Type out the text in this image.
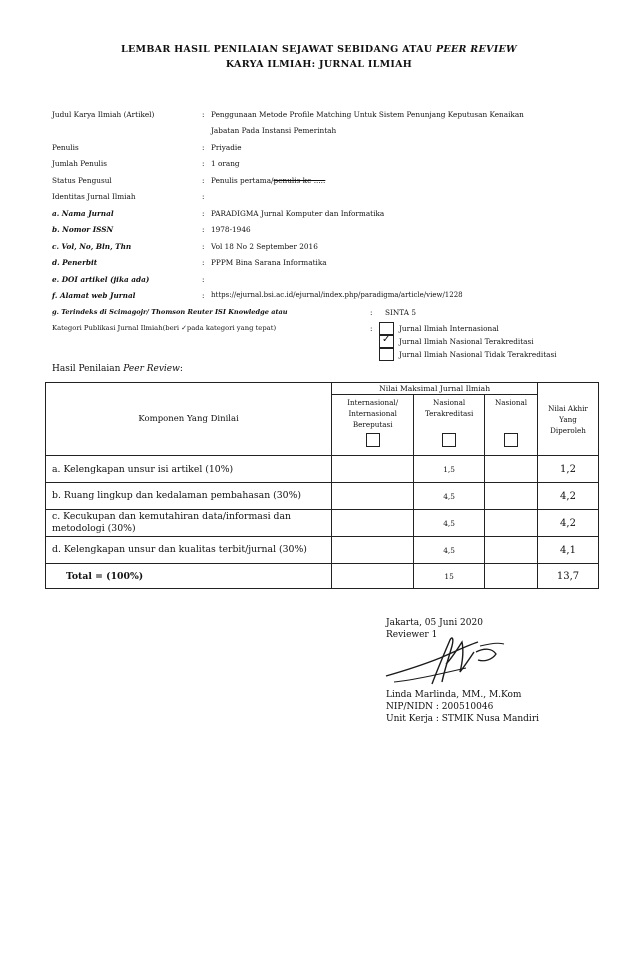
LEMBAR HASIL PENILAIAN SEJAWAT SEBIDANG ATAU PEER REVIEW
KARYA ILMIAH: JURNAL ILMIAH
Judul Karya Ilmiah (Artikel)	: Penggunaan Metode Profile Matching Untuk Sistem Penunjang Keputusan Kenaikan
Jabatan Pada Instansi Pemerintah
Penulis	: Priyadie
Jumlah Penulis	: 1 orang
Status Pengusul	: Penulis pertama/penulis ke .....
Identitas Jurnal Ilmiah	:
a. Nama Jurnal	: PARADIGMA Jurnal Komputer dan Informatika
b. Nomor ISSN	: 1978-1946
c. Vol, No, Bln, Thn	: Vol 18 No 2 September 2016
d. Penerbit	: PPPM Bina Sarana Informatika
e. DOI artikel (jika ada)	:
f. Alamat web Jurnal	: https://ejurnal.bsi.ac.id/ejurnal/index.php/paradigma/article/view/1228
g. Terindeks di Scimagojr/ Thomson Reuter ISI Knowledge atau	: SINTA 5
Kategori Publikasi Jurnal Ilmiah(beri ✓pada kategori yang tepat)	:	Jurnal Ilmiah Internasional
✓ Jurnal Ilmiah Nasional Terakreditasi
Jurnal Ilmiah Nasional Tidak Terakreditasi
Hasil Penilaian Peer Review:
Komponen Yang Dinilai	Nilai Maksimal Jurnal Ilmiah			Nilai Akhir Yang Diperoleh

	Internasional/ Internasional Bereputasi	Nasional Terakreditasi	Nasional	

a. Kelengkapan unsur isi artikel (10%)		1,5		1,2
b. Ruang lingkup dan kedalaman pembahasan (30%)		4,5		4,2
c. Kecukupan dan kemutahiran data/informasi dan metodologi (30%)		4,5		4,2
d. Kelengkapan unsur dan kualitas terbit/jurnal (30%)		4,5		4,1
Total = (100%)		15		13,7
Jakarta, 05 Juni 2020
Reviewer 1
Linda Marlinda, MM., M.Kom
NIP/NIDN : 200510046
Unit Kerja : STMIK Nusa Mandiri
